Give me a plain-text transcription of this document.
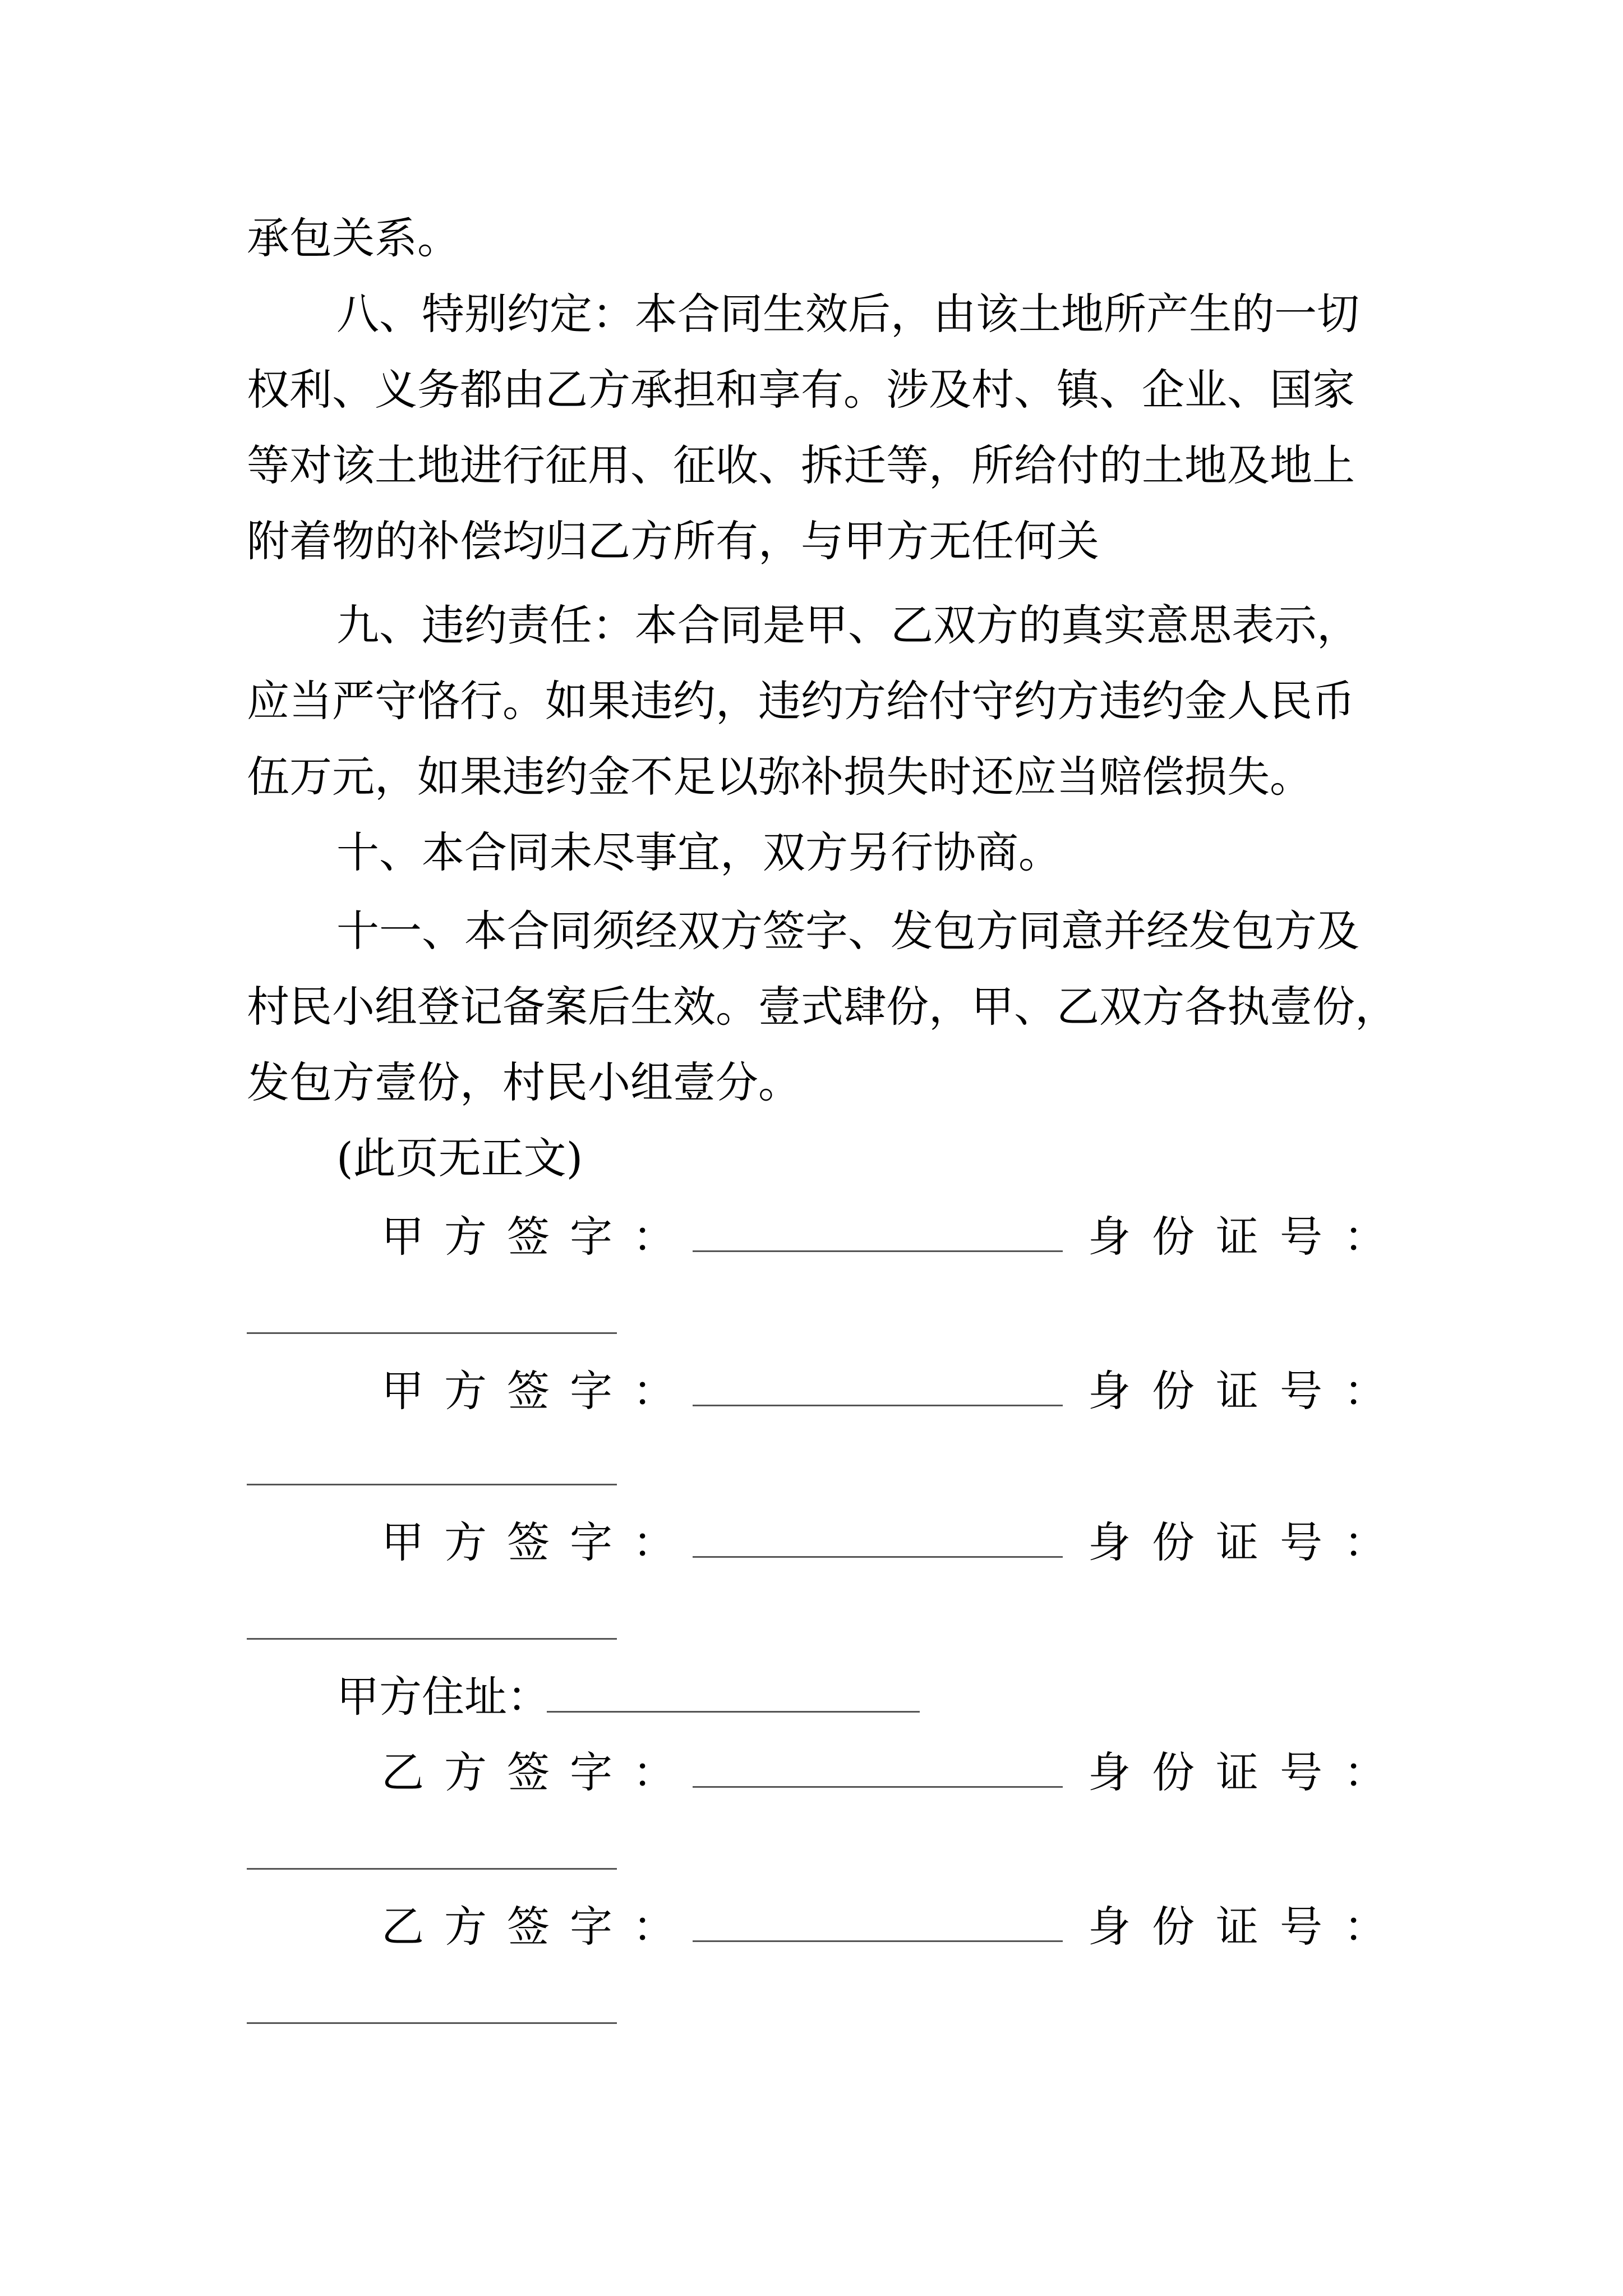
承包关系。
八、特别约定：本合同生效后，由该土地所产生的一切
权利、义务都由乙方承担和享有。涉及村、镇、企业、国家
等对该土地进行征用、征收、拆迁等，所给付的土地及地上
附着物的补偿均归乙方所有，与甲方无任何关
九、违约责任：本合同是甲、乙双方的真实意思表示，
应当严守恪行。如果违约，违约方给付守约方违约金人民币
伍万元，如果违约金不足以弥补损失时还应当赔偿损失。
十、本合同未尽事宜，双方另行协商。
十一、本合同须经双方签字、发包方同意并经发包方及
村民小组登记备案后生效。壹式肆份，甲、乙双方各执壹份，
发包方壹份，村民小组壹分。
(此页无正文)
甲方签字：	身份证号：
甲方签字：	身份证号：
甲方签字：	身份证号：
甲方住址：
乙方签字：	身份证号：
乙方签字：	身份证号：
